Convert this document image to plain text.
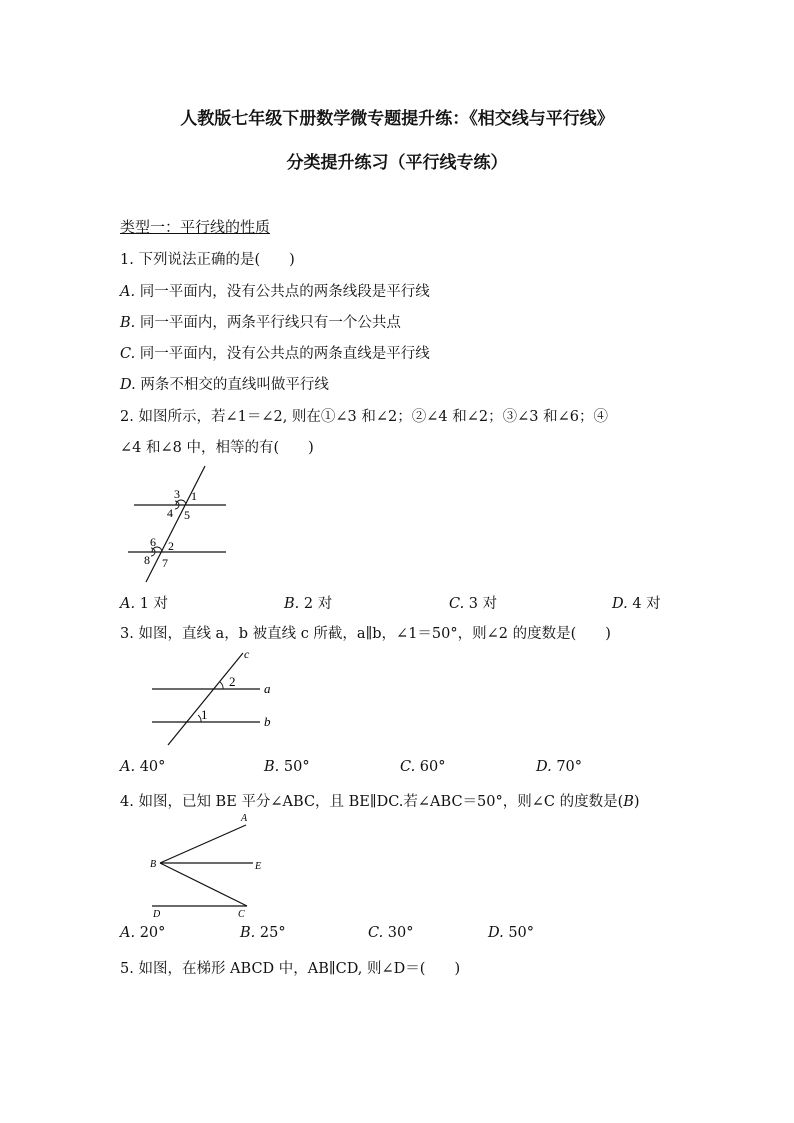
人教版七年级下册数学微专题提升练：《相交线与平行线》
分类提升练习（平行线专练）
类型一：平行线的性质
1. 下列说法正确的是(　　)
A. 同一平面内，没有公共点的两条线段是平行线
B. 同一平面内，两条平行线只有一个公共点
C. 同一平面内，没有公共点的两条直线是平行线
D. 两条不相交的直线叫做平行线
2. 如图所示，若∠1＝∠2, 则在①∠3 和∠2；②∠4 和∠2；③∠3 和∠6；④
∠4 和∠8 中，相等的有(　　)
3 1
4 5
6 2
8 7
A. 1 对	B. 2 对	C. 3 对	D. 4 对
3. 如图，直线 a，b 被直线 c 所截，a∥b，∠1＝50°，则∠2 的度数是(　　)
c
a
b
2
1
A. 40°	B. 50°	C. 60°	D. 70°
4. 如图，已知 BE 平分∠ABC，且 BE∥DC.若∠ABC＝50°，则∠C 的度数是(B)
A
B	E
D	C
A. 20°	B. 25°	C. 30°	D. 50°
5. 如图，在梯形 ABCD 中，AB∥CD, 则∠D＝(　　)
